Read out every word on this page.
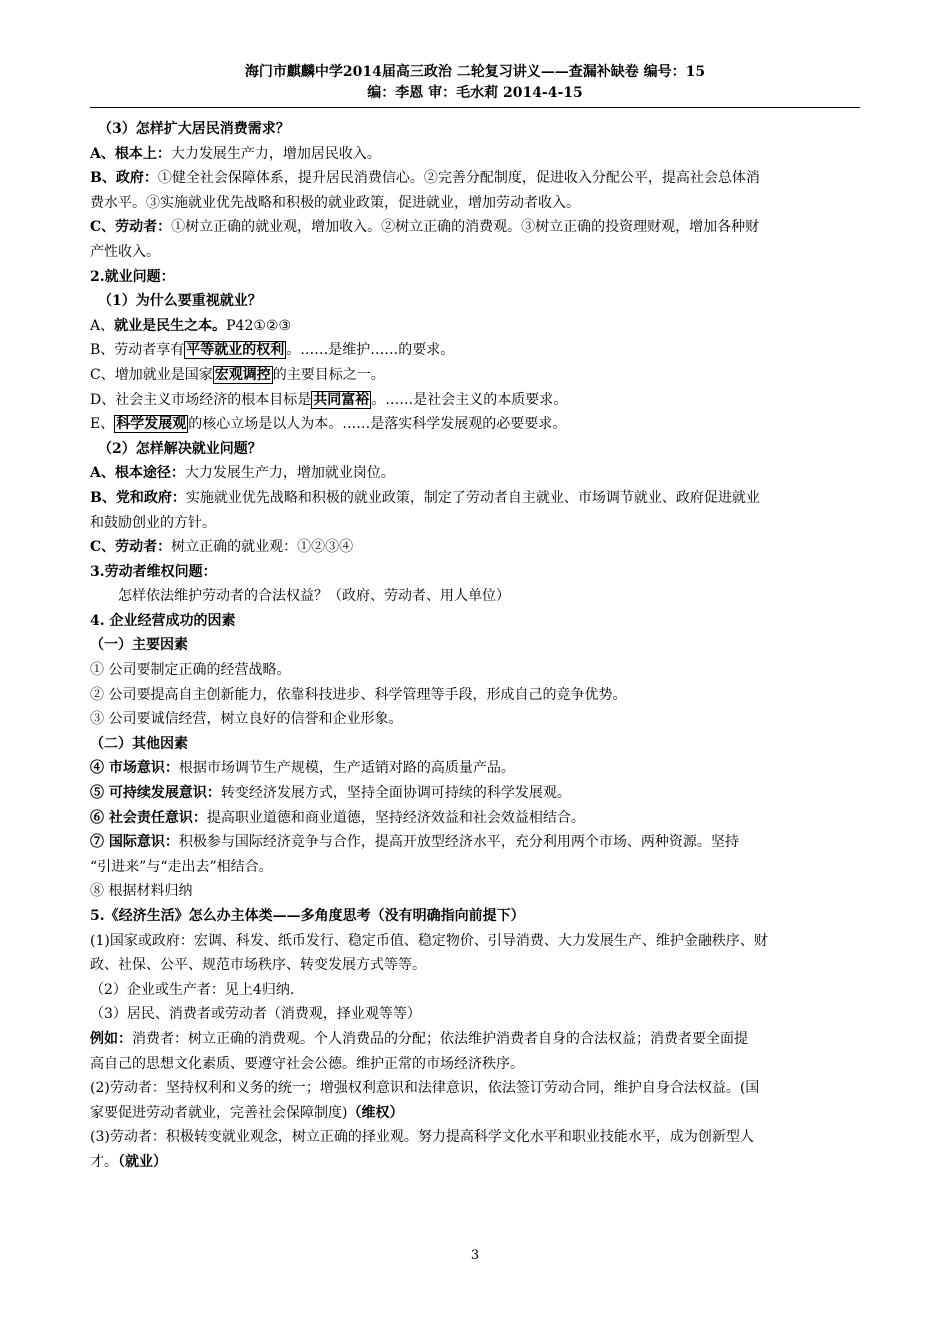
海门市麒麟中学2014届高三政治 二轮复习讲义——查漏补缺卷 编号：15
编：李恩 审：毛水莉 2014-4-15
（3）怎样扩大居民消费需求？
A、根本上：大力发展生产力，增加居民收入。
B、政府：①健全社会保障体系，提升居民消费信心。②完善分配制度，促进收入分配公平，提高社会总体消
费水平。③实施就业优先战略和积极的就业政策，促进就业，增加劳动者收入。
C、劳动者：①树立正确的就业观，增加收入。②树立正确的消费观。③树立正确的投资理财观，增加各种财
产性收入。
2.就业问题：
（1）为什么要重视就业？
A、就业是民生之本。P42①②③
B、劳动者享有 平等就业的权利 。……是维护……的要求。
C、增加就业是国家 宏观调控 的主要目标之一。
D、社会主义市场经济的根本目标是 共同富裕 。……是社会主义的本质要求。
E、 科学发展观 的核心立场是以人为本。……是落实科学发展观的必要要求。
（2）怎样解决就业问题？
A、根本途径：大力发展生产力，增加就业岗位。
B、党和政府：实施就业优先战略和积极的就业政策，制定了劳动者自主就业、市场调节就业、政府促进就业
和鼓励创业的方针。
C、劳动者：树立正确的就业观：①②③④
3.劳动者维权问题：
怎样依法维护劳动者的合法权益？（政府、劳动者、用人单位）
4. 企业经营成功的因素
（一）主要因素
① 公司要制定正确的经营战略。
② 公司要提高自主创新能力，依靠科技进步、科学管理等手段，形成自己的竞争优势。
③ 公司要诚信经营，树立良好的信誉和企业形象。
（二）其他因素
④ 市场意识：根据市场调节生产规模，生产适销对路的高质量产品。
⑤ 可持续发展意识：转变经济发展方式，坚持全面协调可持续的科学发展观。
⑥ 社会责任意识：提高职业道德和商业道德，坚持经济效益和社会效益相结合。
⑦ 国际意识：积极参与国际经济竞争与合作，提高开放型经济水平，充分利用两个市场、两种资源。坚持
“引进来”与“走出去”相结合。
⑧ 根据材料归纳
5.《经济生活》怎么办主体类——多角度思考（没有明确指向前提下）
(1)国家或政府：宏调、科发、纸币发行、稳定币值、稳定物价、引导消费、大力发展生产、维护金融秩序、财
政、社保、公平、规范市场秩序、转变发展方式等等。
（2）企业或生产者：见上4归纳.
（3）居民、消费者或劳动者（消费观，择业观等等）
例如：消费者：树立正确的消费观。个人消费品的分配；依法维护消费者自身的合法权益；消费者要全面提
高自己的思想文化素质、要遵守社会公德。维护正常的市场经济秩序。
(2)劳动者：坚持权利和义务的统一；增强权利意识和法律意识，依法签订劳动合同，维护自身合法权益。(国
家要促进劳动者就业，完善社会保障制度)（维权）
(3)劳动者：积极转变就业观念，树立正确的择业观。努力提高科学文化水平和职业技能水平，成为创新型人
才。（就业）
3
